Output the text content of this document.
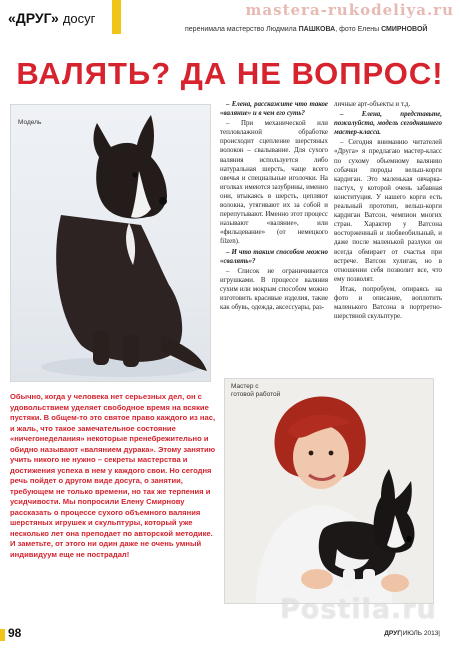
«ДРУГ» досуг	mastera-rukodeliya.ru
перенимала мастерство Людмила ПАШКОВА, фото Елены СМИРНОВОЙ
ВАЛЯТЬ? ДА НЕ ВОПРОС!
Модель

– Елена, расскажите что такое «валяние» и в чем его суть?

– При механической или тепловлажной обработке происходит сцепление шерстяных волокон – свалывание. Для сухого валяния используется либо натуральная шерсть, чаще всего овечья и специальные иголочки. На иголках имеются зазубрины, именно они, втыкаясь в шерсть, цепляют волокна, утягивают их за собой и перепутывают. Именно этот процесс называют «валяние», или «фильцевание» (от немецкого filzen).

– И что таким способом можно «свалять»?

– Список не ограничивается игрушками. В процессе валяния сухим или мокрым способом можно изготовить красивые изделия, такие как обувь, одежда, аксессуары, раз-

личные арт-объекты и т.д.

– Елена, представьте, пожалуйста, модель сегодняшнего мастер-класса.

– Сегодня вниманию читателей «Друга» я предлагаю мастер-класс по сухому объемному валянию собачки породы вельш-корги кардиган. Это маленькая овчарка-пастух, у которой очень забавная конституция. У нашего корги есть реальный прототип, вельш-корги кардиган Ватсон, чемпион многих стран. Характер у Ватсона восторженный и любвеобильный, и даже после маленькой разлуки он всегда обмирает от счастья при встрече. Ватсон хулиган, но в отношении себя позволит все, что ему позволят.

Итак, попробуем, опираясь на фото и описание, воплотить маленького Ватсона в портретно-шерстяной скульптуре.

Обычно, когда у человека нет серьезных дел, он с удовольствием уделяет свободное время на всякие пустяки. В общем-то это святое право каждого из нас, и жаль, что такое замечательное состояние «ничегонеделания» некоторые пренебрежительно и обидно называют «валянием дурака». Этому занятию учить никого не нужно – секреты мастерства и достижения успеха в нем у каждого свои. Но сегодня речь пойдет о другом виде досуга, о занятии, требующем не только времени, но так же терпения и усидчивости. Мы попросили Елену Смирнову рассказать о процессе сухого объемного валяния шерстяных игрушек и скульптуры, который уже несколько лет она преподает по авторской методике. И заметьте, от этого ни один даже не очень умный индивидуум еще не пострадал!
Мастер с
готовой работой
Postila.ru
98	ДРУГ|ИЮЛЬ 2013|
